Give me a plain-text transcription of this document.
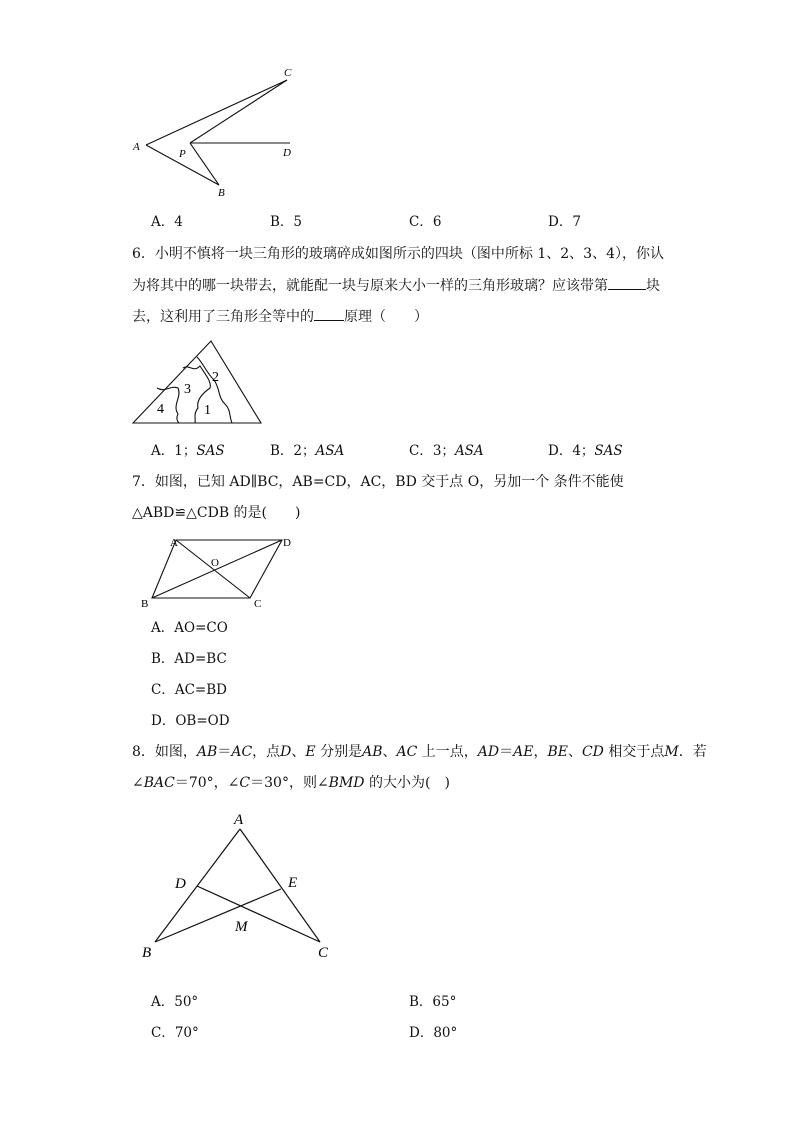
A
C
P	D
B
A．4	B．5	C．6	D．7
6．小明不慎将一块三角形的玻璃碎成如图所示的四块（图中所标 1、2、3、4），你认
为将其中的哪一块带去，就能配一块与原来大小一样的三角形玻璃？应该带第	块
去，这利用了三角形全等中的 原理（　　）
2
3
4	1
A．1；SAS	B．2；ASA	C．3；ASA	D．4；SAS
7．如图，已知 AD∥BC，AB=CD，AC，BD 交于点 O，另加一个 条件不能使
△ABD≌△CDB 的是(　　)
A	D
O
B	C
A．AO=CO
B．AD=BC
C．AC=BD
D．OB=OD
8．如图，AB＝AC，点D、E 分别是AB、AC 上一点，AD＝AE，BE、CD 相交于点M．若
∠BAC＝70°，∠C＝30°，则∠BMD 的大小为(　)
A
D	E
M
B	C
A．50°	B．65°
C．70°	D．80°
